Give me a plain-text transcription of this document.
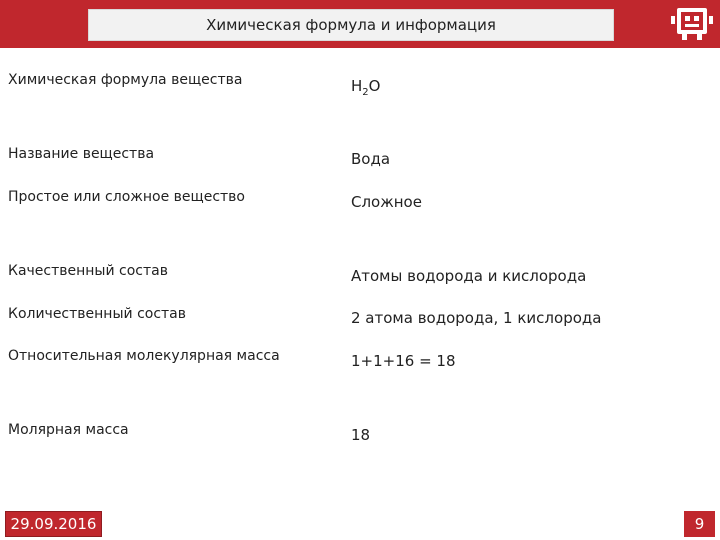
Химическая формула и информация
Химическая формула вещества	$H_2O$
Название вещества	Вода
Простое или сложное вещество	Сложное
Качественный состав	Атомы водорода и кислорода
Количественный состав	2 атома водорода, 1 кислорода
Относительная молекулярная масса	1+1+16 = 18
Молярная масса	18
29.09.2016	9
